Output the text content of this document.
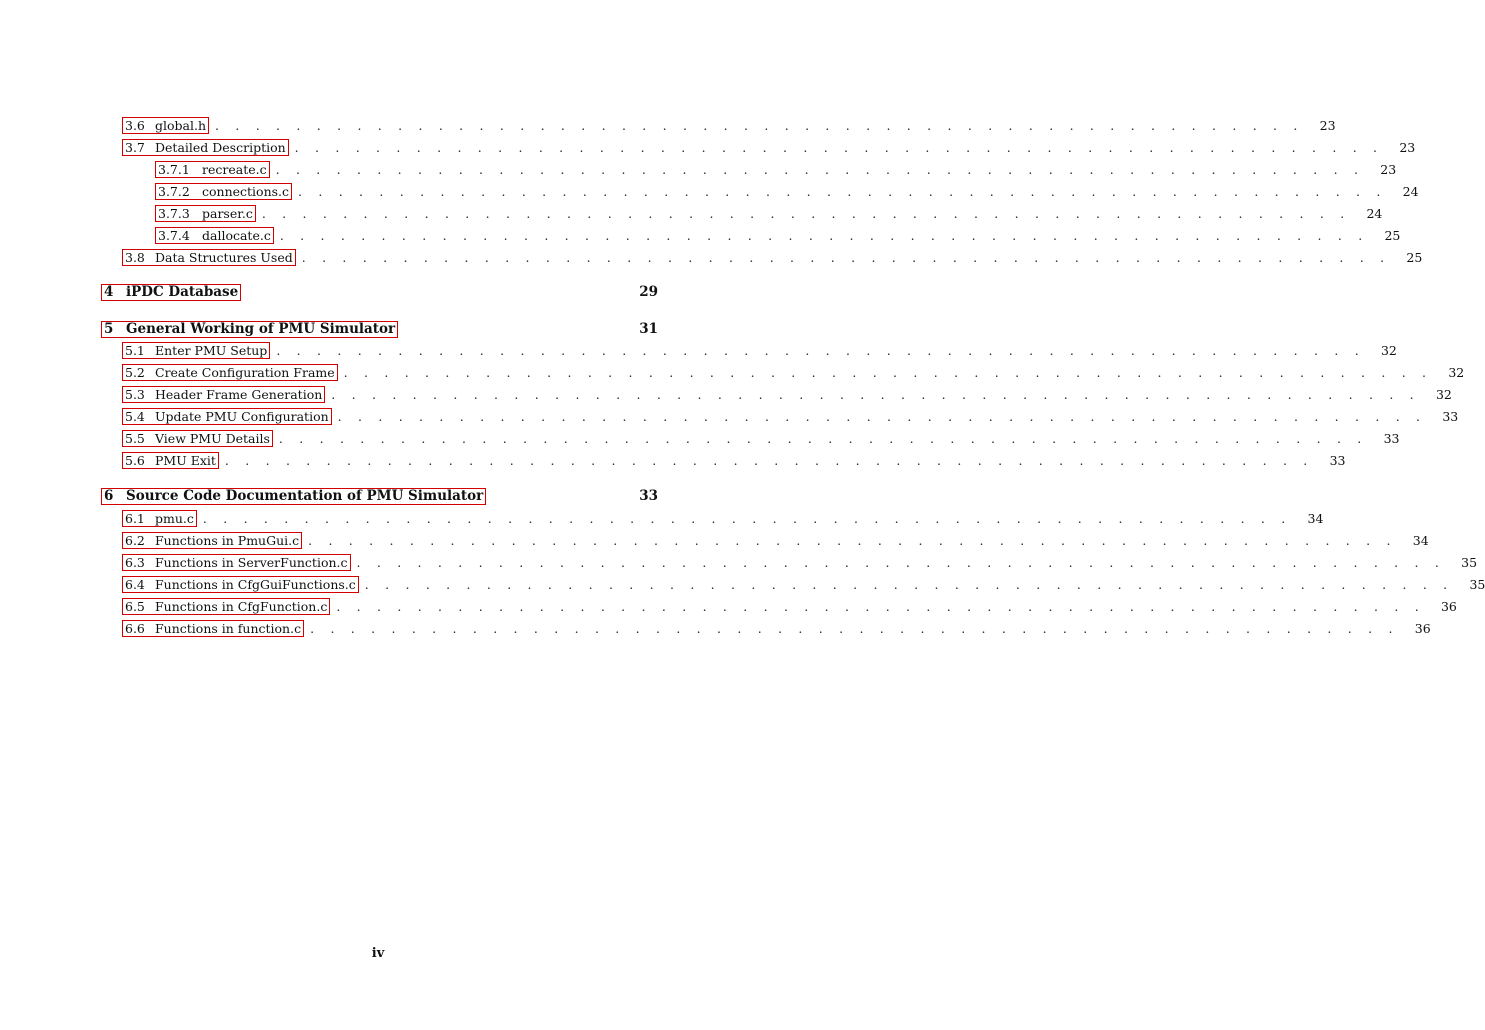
3.6 global.h . . . . . . . . . . . . . . . . . . . . . . . . . . . . . . . . . . . . . . . . . . . . . . . . . . . . . .	23
3.7 Detailed Description . . . . . . . . . . . . . . . . . . . . . . . . . . . . . . . . . . . . . . . . . . . . . . . . . . . . . .	23
3.7.1 recreate.c . . . . . . . . . . . . . . . . . . . . . . . . . . . . . . . . . . . . . . . . . . . . . . . . . . . . . .	23
3.7.2 connections.c . . . . . . . . . . . . . . . . . . . . . . . . . . . . . . . . . . . . . . . . . . . . . . . . . . . . . .	24
3.7.3 parser.c . . . . . . . . . . . . . . . . . . . . . . . . . . . . . . . . . . . . . . . . . . . . . . . . . . . . . .	24
3.7.4 dallocate.c . . . . . . . . . . . . . . . . . . . . . . . . . . . . . . . . . . . . . . . . . . . . . . . . . . . . . .	25
3.8 Data Structures Used . . . . . . . . . . . . . . . . . . . . . . . . . . . . . . . . . . . . . . . . . . . . . . . . . . . . . .	25
4 iPDC Database	29
5 General Working of PMU Simulator	31
5.1 Enter PMU Setup . . . . . . . . . . . . . . . . . . . . . . . . . . . . . . . . . . . . . . . . . . . . . . . . . . . . . .	32
5.2 Create Configuration Frame . . . . . . . . . . . . . . . . . . . . . . . . . . . . . . . . . . . . . . . . . . . . . . . . . . . . . .	32
5.3 Header Frame Generation . . . . . . . . . . . . . . . . . . . . . . . . . . . . . . . . . . . . . . . . . . . . . . . . . . . . . .	32
5.4 Update PMU Configuration . . . . . . . . . . . . . . . . . . . . . . . . . . . . . . . . . . . . . . . . . . . . . . . . . . . . . .	33
5.5 View PMU Details . . . . . . . . . . . . . . . . . . . . . . . . . . . . . . . . . . . . . . . . . . . . . . . . . . . . . .	33
5.6 PMU Exit . . . . . . . . . . . . . . . . . . . . . . . . . . . . . . . . . . . . . . . . . . . . . . . . . . . . . .	33
6 Source Code Documentation of PMU Simulator	33
6.1 pmu.c . . . . . . . . . . . . . . . . . . . . . . . . . . . . . . . . . . . . . . . . . . . . . . . . . . . . . .	34
6.2 Functions in PmuGui.c . . . . . . . . . . . . . . . . . . . . . . . . . . . . . . . . . . . . . . . . . . . . . . . . . . . . . .	34
6.3 Functions in ServerFunction.c . . . . . . . . . . . . . . . . . . . . . . . . . . . . . . . . . . . . . . . . . . . . . . . . . . . . . .	35
6.4 Functions in CfgGuiFunctions.c . . . . . . . . . . . . . . . . . . . . . . . . . . . . . . . . . . . . . . . . . . . . . . . . . . . . . .	35
6.5 Functions in CfgFunction.c . . . . . . . . . . . . . . . . . . . . . . . . . . . . . . . . . . . . . . . . . . . . . . . . . . . . . .	36
6.6 Functions in function.c . . . . . . . . . . . . . . . . . . . . . . . . . . . . . . . . . . . . . . . . . . . . . . . . . . . . . .	36
iv
